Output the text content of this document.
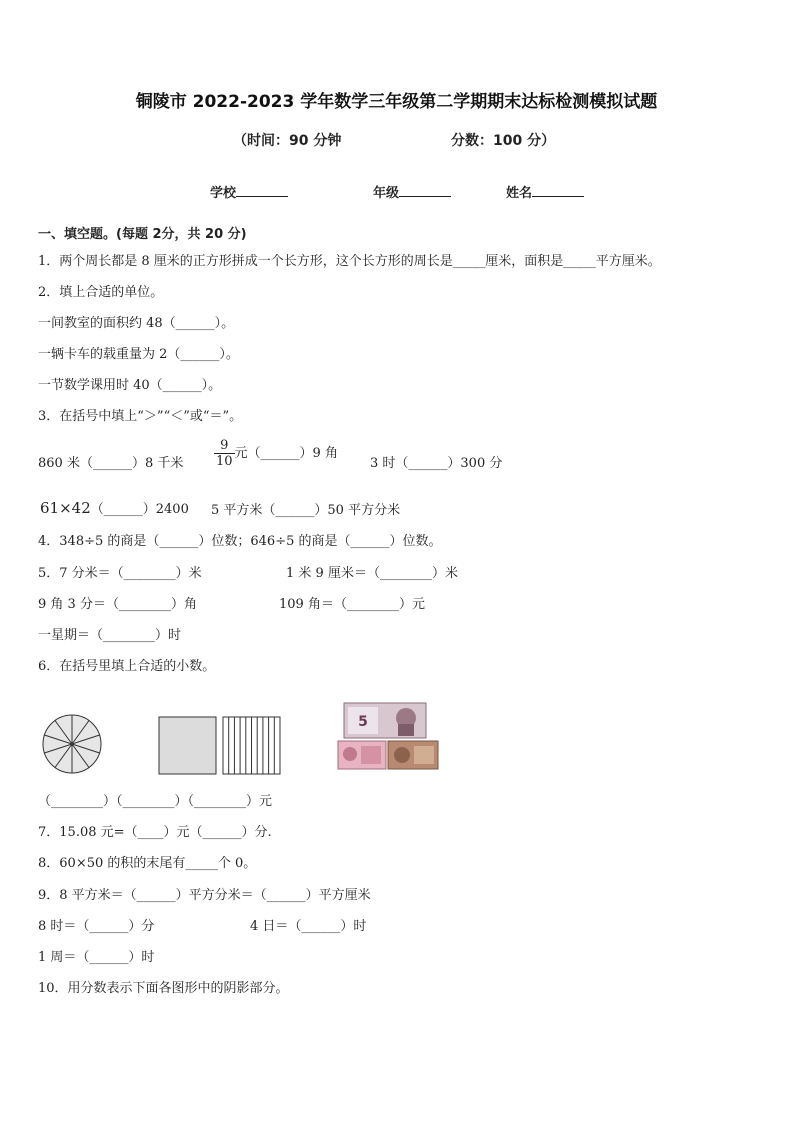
铜陵市 2022-2023 学年数学三年级第二学期期末达标检测模拟试题
（时间：90 分钟	分数：100 分）
学校	年级	姓名
一、填空题。(每题 2分，共 20 分)
1．两个周长都是 8 厘米的正方形拼成一个长方形，这个长方形的周长是_____厘米，面积是_____平方厘米。
2．填上合适的单位。
一间教室的面积约 48（______）。
一辆卡车的载重量为 2（______）。
一节数学课用时 40（______）。
3．在括号中填上“＞”“＜”或“＝”。
860 米（______）8 千米 $\frac{9}{10}$ 元（______）9 角
3 时（______）300 分
61×42（______）2400 5 平方米（______）50 平方分米
4．348÷5 的商是（______）位数；646÷5 的商是（______）位数。
5．7 分米＝（________）米	1 米 9 厘米＝（________）米
9 角 3 分＝（________）角	109 角＝（________）元
一星期＝（________）时
6．在括号里填上合适的小数。
5
（________）（________）（________）元
7．15.08 元=（____）元（______）分.
8．60×50 的积的末尾有_____个 0。
9．8 平方米＝（______）平方分米＝（______）平方厘米
8 时＝（______）分	4 日＝（______）时
1 周＝（______）时
10．用分数表示下面各图形中的阴影部分。
